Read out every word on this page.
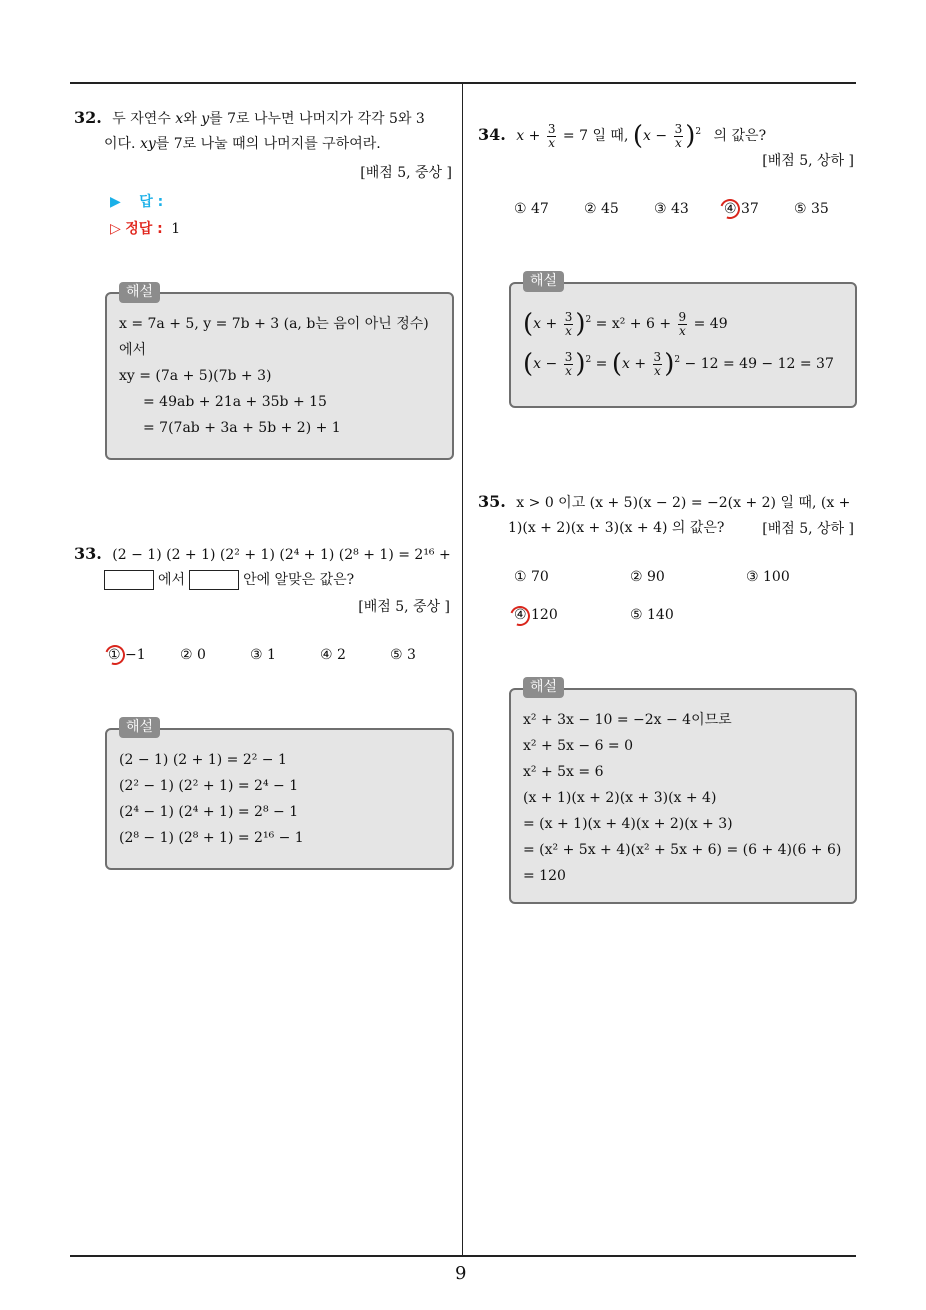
9
32. 두 자연수 x와 y를 7로 나누면 나머지가 각각 5와 3
이다. xy를 7로 나눌 때의 나머지를 구하여라.
[배점 5, 중상 ]
▶ 답 :
▷ 정답 : 1
x = 7a + 5, y = 7b + 3 (a, b는 음이 아닌 정수)
에서
xy = (7a + 5)(7b + 3)
= 49ab + 21a + 35b + 15
= 7(7ab + 3a + 5b + 2) + 1
해설
33. (2 − 1) (2 + 1) (2² + 1) (2⁴ + 1) (2⁸ + 1) = 2¹⁶ +
에서	안에 알맞은 값은?
[배점 5, 중상 ]
① −1 ② 0	③ 1	④ 2	⑤ 3
(2 − 1) (2 + 1) = 2² − 1
(2² − 1) (2² + 1) = 2⁴ − 1
(2⁴ − 1) (2⁴ + 1) = 2⁸ − 1
(2⁸ − 1) (2⁸ + 1) = 2¹⁶ − 1
해설
34. $x + \frac{3}{x} = 7$ 일 때, $(x - \frac{3}{x} )^2$ 의 값은?
[배점 5, 상하 ]
① 47	② 45	③ 43	④ 37	⑤ 35
$(x + \frac{3}{x} )^2 = x^2 + 6 + \frac{9}{x} = 49$
$(x - \frac{3}{x} )^2 = (x + \frac{3}{x} )^2 - 12 = 49 - 12 = 37$
해설
35. x > 0 이고 (x + 5)(x − 2) = −2(x + 2) 일 때, (x +
1)(x + 2)(x + 3)(x + 4) 의 값은?	[배점 5, 상하 ]
① 70	② 90	③ 100
④ 120	⑤ 140
x² + 3x − 10 = −2x − 4이므로
x² + 5x − 6 = 0
x² + 5x = 6
(x + 1)(x + 2)(x + 3)(x + 4)
= (x + 1)(x + 4)(x + 2)(x + 3)
= (x² + 5x + 4)(x² + 5x + 6) = (6 + 4)(6 + 6)
= 120
해설
